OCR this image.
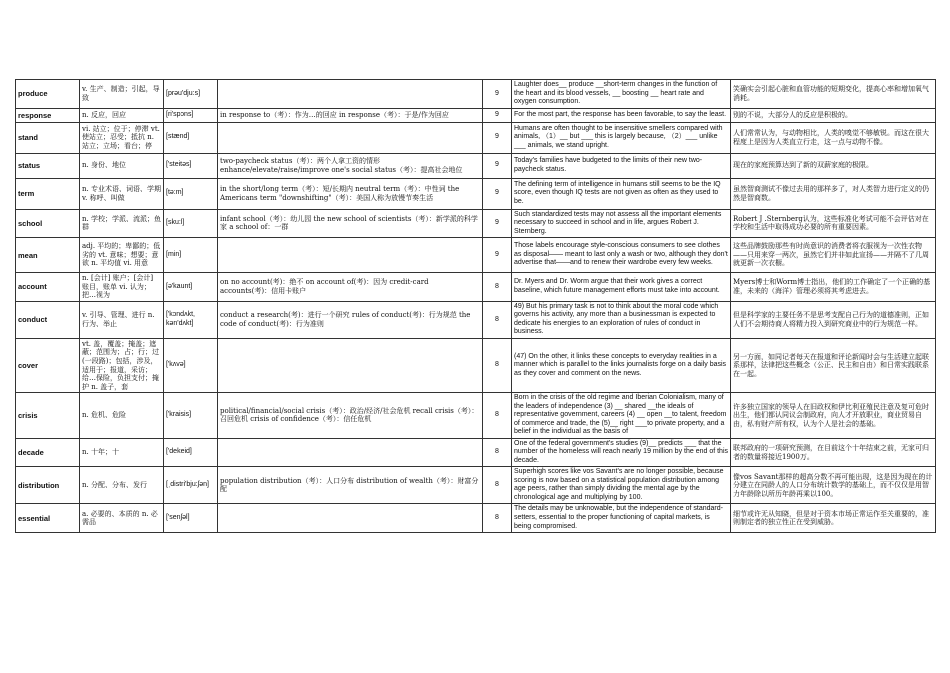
produce	v. 生产、制造；引起，导致	[prəu'dju:s]		9	Laughter does__ produce __short-term changes in the function of the heart and its blood vessels, __ boosting __ heart rate and oxygen consumption.	笑确实会引起心脏和血管功能的短期变化，提高心率和增加氧气消耗。
response	n. 反应，回应	[ri'spɔns]	in response to（考）：作为…的回应 in response（考）：于是/作为回应	9	For the most part, the response has been favorable, to say the least.	别的不说，大部分人的反应是积极的。
stand	vi. 站立；位于；停滞 vt. 使站立；忍受；抵抗 n. 站立；立场；看台；停	[stænd]		9	Humans are often thought to be insensitive smellers compared with animals, （1）__ but ___ this is largely because, （2）___ unlike ___ animals, we stand upright.	人们常常认为，与动物相比，人类的嗅觉不够敏锐。而这在很大程度上是因为人类直立行走，这一点与动物不像。
status	n. 身份、地位	['steitəs]	two-paycheck status（考）：两个人拿工资的情形 enhance/elevate/raise/improve one's social status（考）：提高社会地位	9	Today's families have budgeted to the limits of their new two-paycheck status.	现在的家庭预算达到了新的双薪家庭的极限。
term	n. 专业术语、词语、学期 v. 称呼、叫做	[tə:m]	in the short/long term（考）：短/长期内 neutral term（考）：中性词 the Americans term "downshifting"（考）：美国人称为放慢节奏生活	9	The defining term of intelligence in humans still seems to be the IQ score, even though IQ tests are not given as often as they used to be.	虽然智商测试不像过去用的那样多了，对人类智力进行定义的仍然是智商数。
school	n. 学校；学派、流派；鱼群	[sku:l]	infant school（考）：幼儿园 the new school of scientists（考）：新学派的科学家 a school of：一群	9	Such standardized tests may not assess all the important elements necessary to succeed in school and in life, argues Robert J. Sternberg.	Robert J .Sternberg认为，这些标准化考试可能不会评估对在学校和生活中取得成功必要的所有重要因素。
mean	adj. 平均的；卑鄙的；低劣的 vt. 意味；想要；意欲 n. 平均值 vi. 用意	[min]		9	Those labels encourage style-conscious consumers to see clothes as disposal—— meant to last only a wash or two, although they don't advertise that——and to renew their wardrobe every few weeks.	这些品牌鼓励那些有时尚意识的消费者将衣服视为一次性衣物——只用来穿一两次，虽然它们并非如此宣扬——并隔不了几周就更新一次衣橱。
account	n. [会计] 账户；[会计] 账目，账单 vi. 认为；把…视为	[ə'kaunt]	on no account(考)：绝不 on account of(考)：因为 credit-card accounts(考)：信用卡账户	8	Dr. Myers and Dr. Worm argue that their work gives a correct baseline, which future management efforts must take into account.	Myers博士和Worm博士指出，他们的工作确定了一个正确的基准，未来的（海洋）管理必须将其考虑进去。
conduct	v. 引导、管理、进行 n. 行为、举止	['kɔndʌkt, kən'dʌkt]	conduct a research(考)：进行一个研究 rules of conduct(考)：行为规范 the code of conduct(考)：行为准则	8	49) But his primary task is not to think about the moral code which governs his activity, any more than a businessman is expected to dedicate his energies to an exploration of rules of conduct in business.	但是科学家的主要任务不是思考支配自己行为的道德准则，正如人们不会期待商人将精力投入到研究商业中的行为规范一样。
cover	vt. 盖，覆盖；掩盖；遮蔽；范围为；占；行；过(一段路)；包括，涉及，适用于；报道，采访；给…保险，负担支付；掩护 n. 盖子，套	['kʌvə]		8	(47) On the other, it links these concepts to everyday realities in a manner which is parallel to the links journalists forge on a daily basis as they cover and comment on the news.	另一方面，如同记者每天在报道和评论新闻时会与生活建立起联系那样，法律把这些概念（公正、民主和自由）和日常实践联系在一起。
crisis	n. 危机、危险	['kraisis]	political/financial/social crisis（考）：政治/经济/社会危机 recall crisis（考）：召回危机 crisis of confidence（考）：信任危机	8	Born in the crisis of the old regime and Iberian Colonialism, many of the leaders of independence (3) __ shared __the ideals of representative government, careers (4) __ open __to talent, freedom of commerce and trade, the (5)__ right ___to private property, and a belief in the individual as the basis of	许多独立国家的领导人在旧政权和伊比利亚殖民注意及复可危时出生，他们都认同议会制政府，向人才开放职业，商业贸易自由，私有财产所有权，认为个人是社会的基础。
decade	n. 十年；十	['dekeid]		8	One of the federal government's studies (9)__ predicts ___ that the number of the homeless will reach nearly 19 million by the end of this decade.	联邦政府的一项研究预测，在目前这个十年结束之前，无家可归者的数量将接近1900万。
distribution	n. 分配、分布、发行	[ˌdistri'bju:ʃən]	population distribution（考）：人口分布 distribution of wealth（考）：财富分配	8	Superhigh scores like vos Savant's are no longer possible, because scoring is now based on a statistical population distribution among age peers, rather than simply dividing the mental age by the chronological age and multiplying by 100.	像vos Savant那样的超高分数不再可能出现，这是因为现在的计分建立在同龄人的人口分布统计数学的基础上，而不仅仅是用智力年龄除以所历年龄再乘以100。
essential	a. 必要的、本质的 n. 必需品	['senʃəl]		8	The details may be unknowable, but the independence of standard-setters, essential to the proper functioning of capital markets, is being compromised.	细节或许无从知晓，但是对于资本市场正常运作至关重要的，准则制定者的独立性正在受到威胁。
